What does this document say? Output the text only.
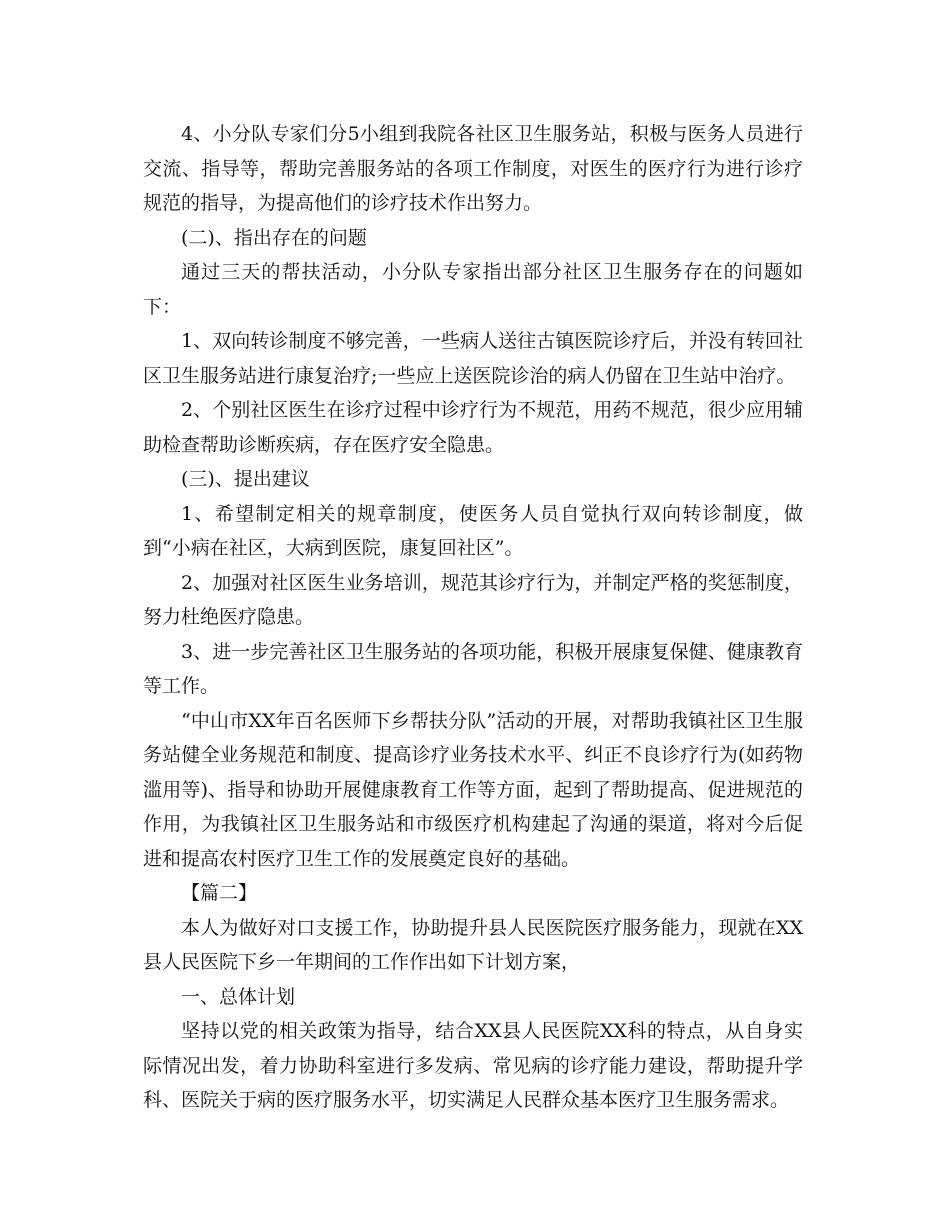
4、小分队专家们分5小组到我院各社区卫生服务站，积极与医务人员进行交流、指导等，帮助完善服务站的各项工作制度，对医生的医疗行为进行诊疗规范的指导，为提高他们的诊疗技术作出努力。

(二)、指出存在的问题

通过三天的帮扶活动，小分队专家指出部分社区卫生服务存在的问题如下：

1、双向转诊制度不够完善，一些病人送往古镇医院诊疗后，并没有转回社区卫生服务站进行康复治疗;一些应上送医院诊治的病人仍留在卫生站中治疗。

2、个别社区医生在诊疗过程中诊疗行为不规范，用药不规范，很少应用辅助检查帮助诊断疾病，存在医疗安全隐患。

(三)、提出建议

1、希望制定相关的规章制度，使医务人员自觉执行双向转诊制度，做到“小病在社区，大病到医院，康复回社区”。

2、加强对社区医生业务培训，规范其诊疗行为，并制定严格的奖惩制度，努力杜绝医疗隐患。

3、进一步完善社区卫生服务站的各项功能，积极开展康复保健、健康教育等工作。

“中山市XX年百名医师下乡帮扶分队”活动的开展，对帮助我镇社区卫生服务站健全业务规范和制度、提高诊疗业务技术水平、纠正不良诊疗行为(如药物滥用等)、指导和协助开展健康教育工作等方面，起到了帮助提高、促进规范的作用，为我镇社区卫生服务站和市级医疗机构建起了沟通的渠道，将对今后促进和提高农村医疗卫生工作的发展奠定良好的基础。

【篇二】

本人为做好对口支援工作，协助提升县人民医院医疗服务能力，现就在XX县人民医院下乡一年期间的工作作出如下计划方案，

一、总体计划

坚持以党的相关政策为指导，结合XX县人民医院XX科的特点，从自身实际情况出发，着力协助科室进行多发病、常见病的诊疗能力建设，帮助提升学科、医院关于病的医疗服务水平，切实满足人民群众基本医疗卫生服务需求。
